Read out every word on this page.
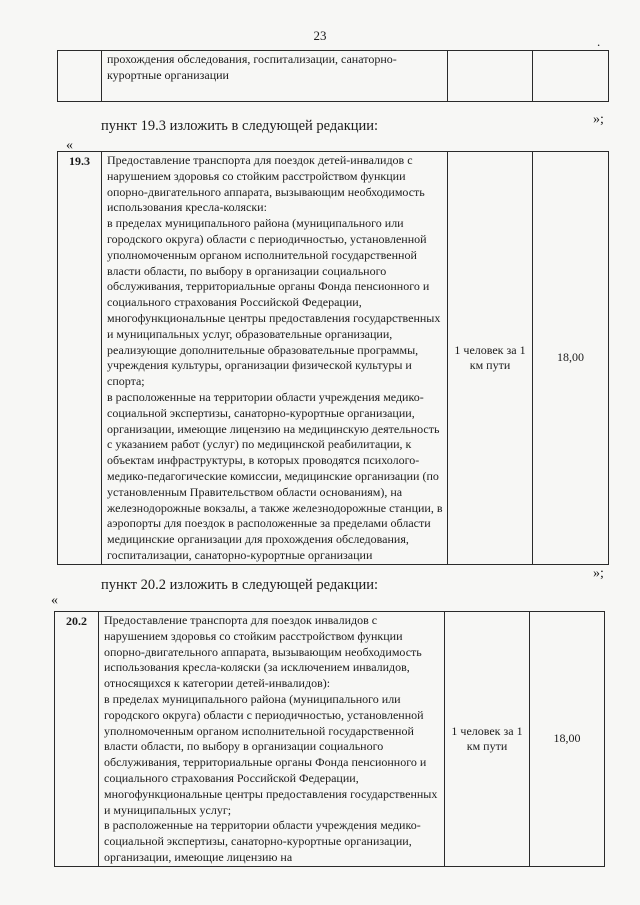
23	.
	прохождения обследования, госпитализации, санаторно-курортные организации		
пункт 19.3 изложить в следующей редакции:	»;
«
19.3	Предоставление транспорта для поездок детей-инвалидов с нарушением здоровья со стойким расстройством функции опорно-двигательного аппарата, вызывающим необходимость использования кресла-коляски:
в пределах муниципального района (муниципального или городского округа) области с периодичностью, установленной уполномоченным органом исполнительной государственной власти области, по выбору в организации социального обслуживания, территориальные органы Фонда пенсионного и социального страхования Российской Федерации, многофункциональные центры предоставления государственных и муниципальных услуг, образовательные организации, реализующие дополнительные образовательные программы, учреждения культуры, организации физической культуры и спорта;
в расположенные на территории области учреждения медико-социальной экспертизы, санаторно-курортные организации, организации, имеющие лицензию на медицинскую деятельность с указанием работ (услуг) по медицинской реабилитации, к объектам инфраструктуры, в которых проводятся психолого-медико-педагогические комиссии, медицинские организации (по установленным Правительством области основаниям), на железнодорожные вокзалы, а также железнодорожные станции, в аэропорты для поездок в расположенные за пределами области медицинские организации для прохождения обследования, госпитализации, санаторно-курортные организации
	1 человек за 1 км пути	18,00
пункт 20.2 изложить в следующей редакции:
»;
«
20.2	Предоставление транспорта для поездок инвалидов с нарушением здоровья со стойким расстройством функции опорно-двигательного аппарата, вызывающим необходимость использования кресла-коляски (за исключением инвалидов, относящихся к категории детей-инвалидов):
в пределах муниципального района (муниципального или городского округа) области с периодичностью, установленной уполномоченным органом исполнительной государственной власти области, по выбору в организации социального обслуживания, территориальные органы Фонда пенсионного и социального страхования Российской Федерации, многофункциональные центры предоставления государственных и муниципальных услуг;
в расположенные на территории области учреждения медико-социальной экспертизы, санаторно-курортные организации, организации, имеющие лицензию на
	1 человек за 1 км пути	18,00
